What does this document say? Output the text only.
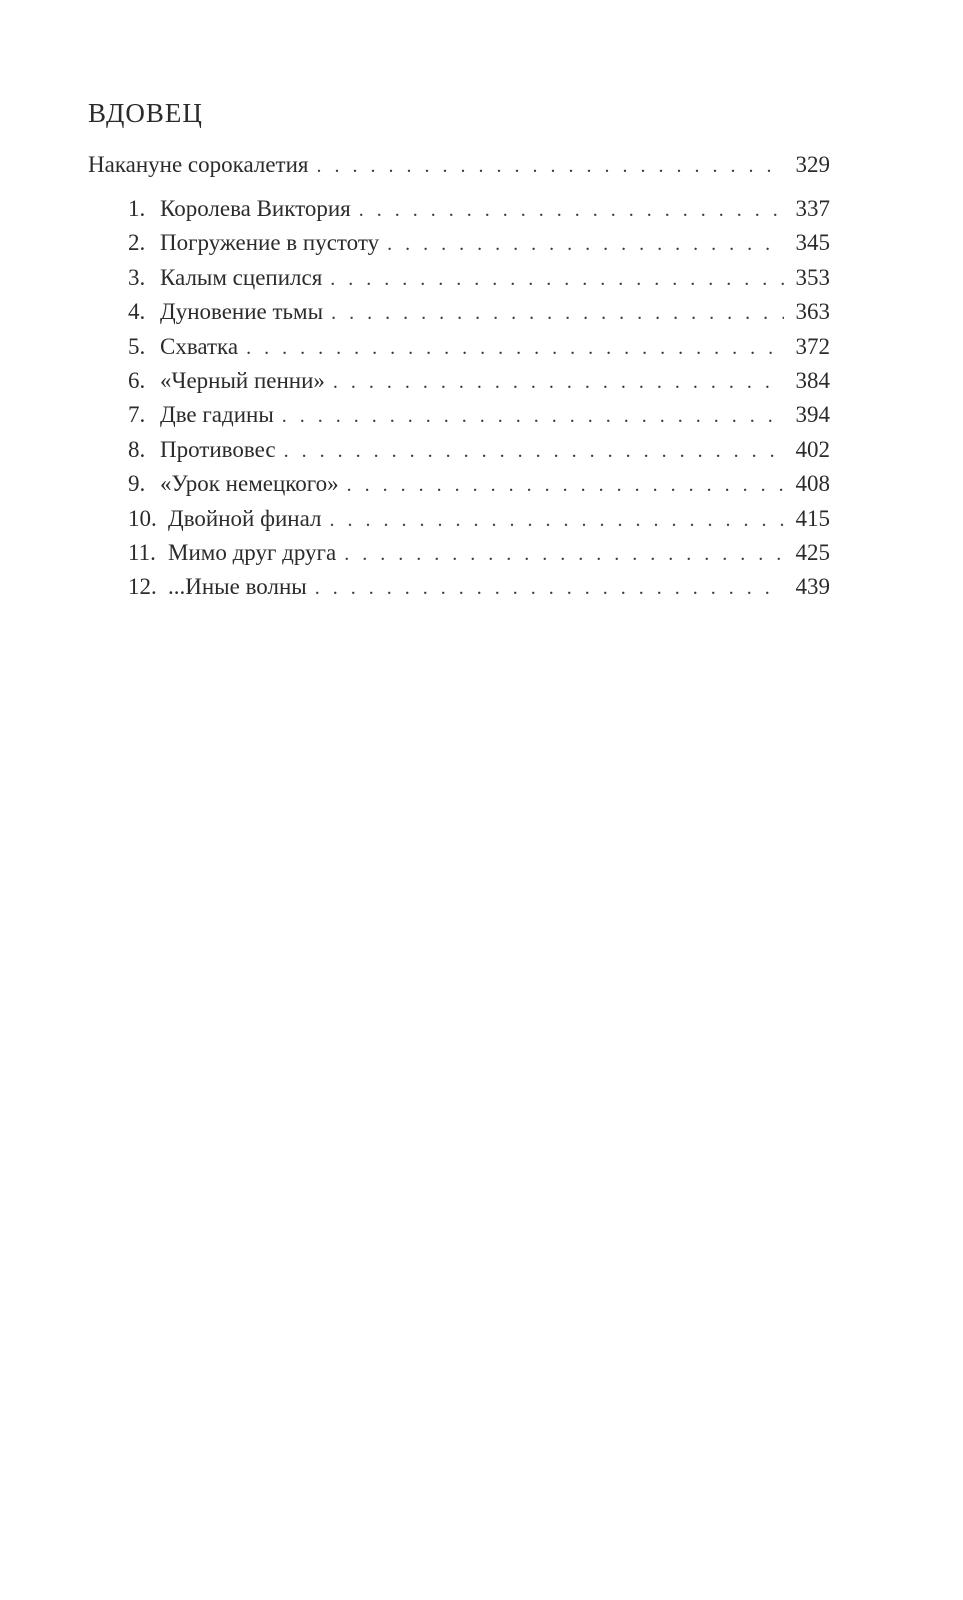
ВДОВЕЦ
Накануне сорокалетия . . .	329
1. Королева Виктория . . .	337
2. Погружение в пустоту . . .	345
3. Калым сцепился . . .	353
4. Дуновение тьмы . . .	363
5. Схватка . . .	372
6. «Черный пенни» . . .	384
7. Две гадины . . .	394
8. Противовес . . .	402
9. «Урок немецкого» . . .	408
10. Двойной финал . . .	415
11. Мимо друг друга . . .	425
12. ...Иные волны . . .	439
